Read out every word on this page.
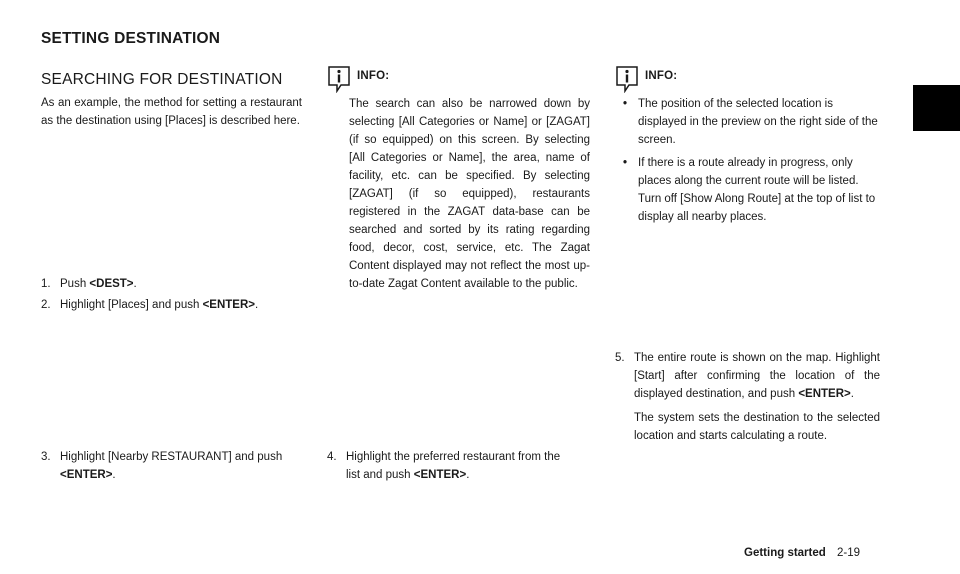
SETTING DESTINATION
SEARCHING FOR DESTINATION

As an example, the method for setting a restaurant as the destination using [Places] is described here.

1. Push <DEST>.
2. Highlight [Places] and push <ENTER>.
3. Highlight [Nearby RESTAURANT] and push
<ENTER>.
INFO:

The search can also be narrowed down by selecting [All Categories or Name] or [ZAGAT] (if so equipped) on this screen. By selecting [All Categories or Name], the area, name of facility, etc. can be specified. By selecting [ZAGAT] (if so equipped), restaurants registered in the ZAGAT data-base can be searched and sorted by its rating regarding food, decor, cost, service, etc. The Zagat Content displayed may not reflect the most up-to-date Zagat Content available to the public.

4. Highlight the preferred restaurant from the
list and push <ENTER>.
INFO:
• The position of the selected location is displayed in the preview on the right side of the screen.
• If there is a route already in progress, only places along the current route will be listed. Turn off [Show Along Route] at the top of list to display all nearby places.
5. The entire route is shown on the map. Highlight [Start] after confirming the location of the displayed destination, and push <ENTER>.

The system sets the destination to the selected location and starts calculating a route.

Getting started 2-19
